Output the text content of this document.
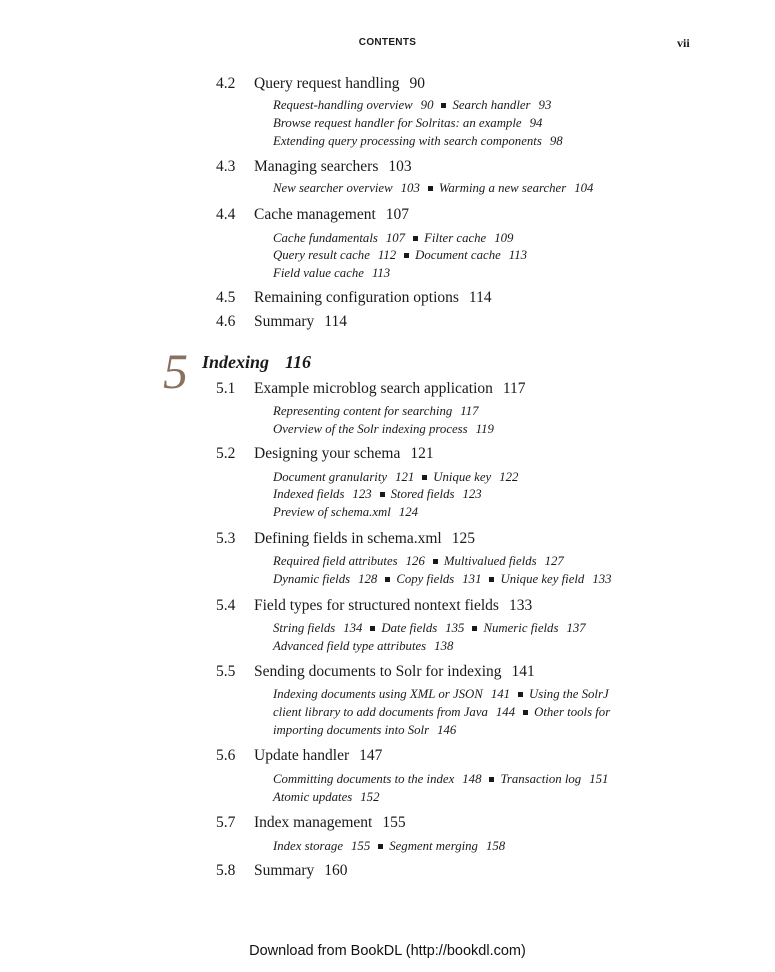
CONTENTS	vii
5 Indexing 116
4.2 Query request handling 90
Request-handling overview 90 Search handler 93
Browse request handler for Solritas: an example 94
Extending query processing with search components 98
4.3 Managing searchers 103
New searcher overview 103 Warming a new searcher 104
4.4 Cache management 107
Cache fundamentals 107 Filter cache 109
Query result cache 112 Document cache 113
Field value cache 113
4.5 Remaining configuration options 114
4.6 Summary 114
5.1 Example microblog search application 117
Representing content for searching 117
Overview of the Solr indexing process 119
5.2 Designing your schema 121
Document granularity 121 Unique key 122
Indexed fields 123 Stored fields 123
Preview of schema.xml 124
5.3 Defining fields in schema.xml 125
Required field attributes 126 Multivalued fields 127
Dynamic fields 128 Copy fields 131 Unique key field 133
5.4 Field types for structured nontext fields 133
String fields 134 Date fields 135 Numeric fields 137
Advanced field type attributes 138
5.5 Sending documents to Solr for indexing 141
Indexing documents using XML or JSON 141 Using the SolrJ
client library to add documents from Java 144 Other tools for
importing documents into Solr 146
5.6 Update handler 147
Committing documents to the index 148 Transaction log 151
Atomic updates 152
5.7 Index management 155
Index storage 155 Segment merging 158
5.8 Summary 160
Download from BookDL (http://bookdl.com)
